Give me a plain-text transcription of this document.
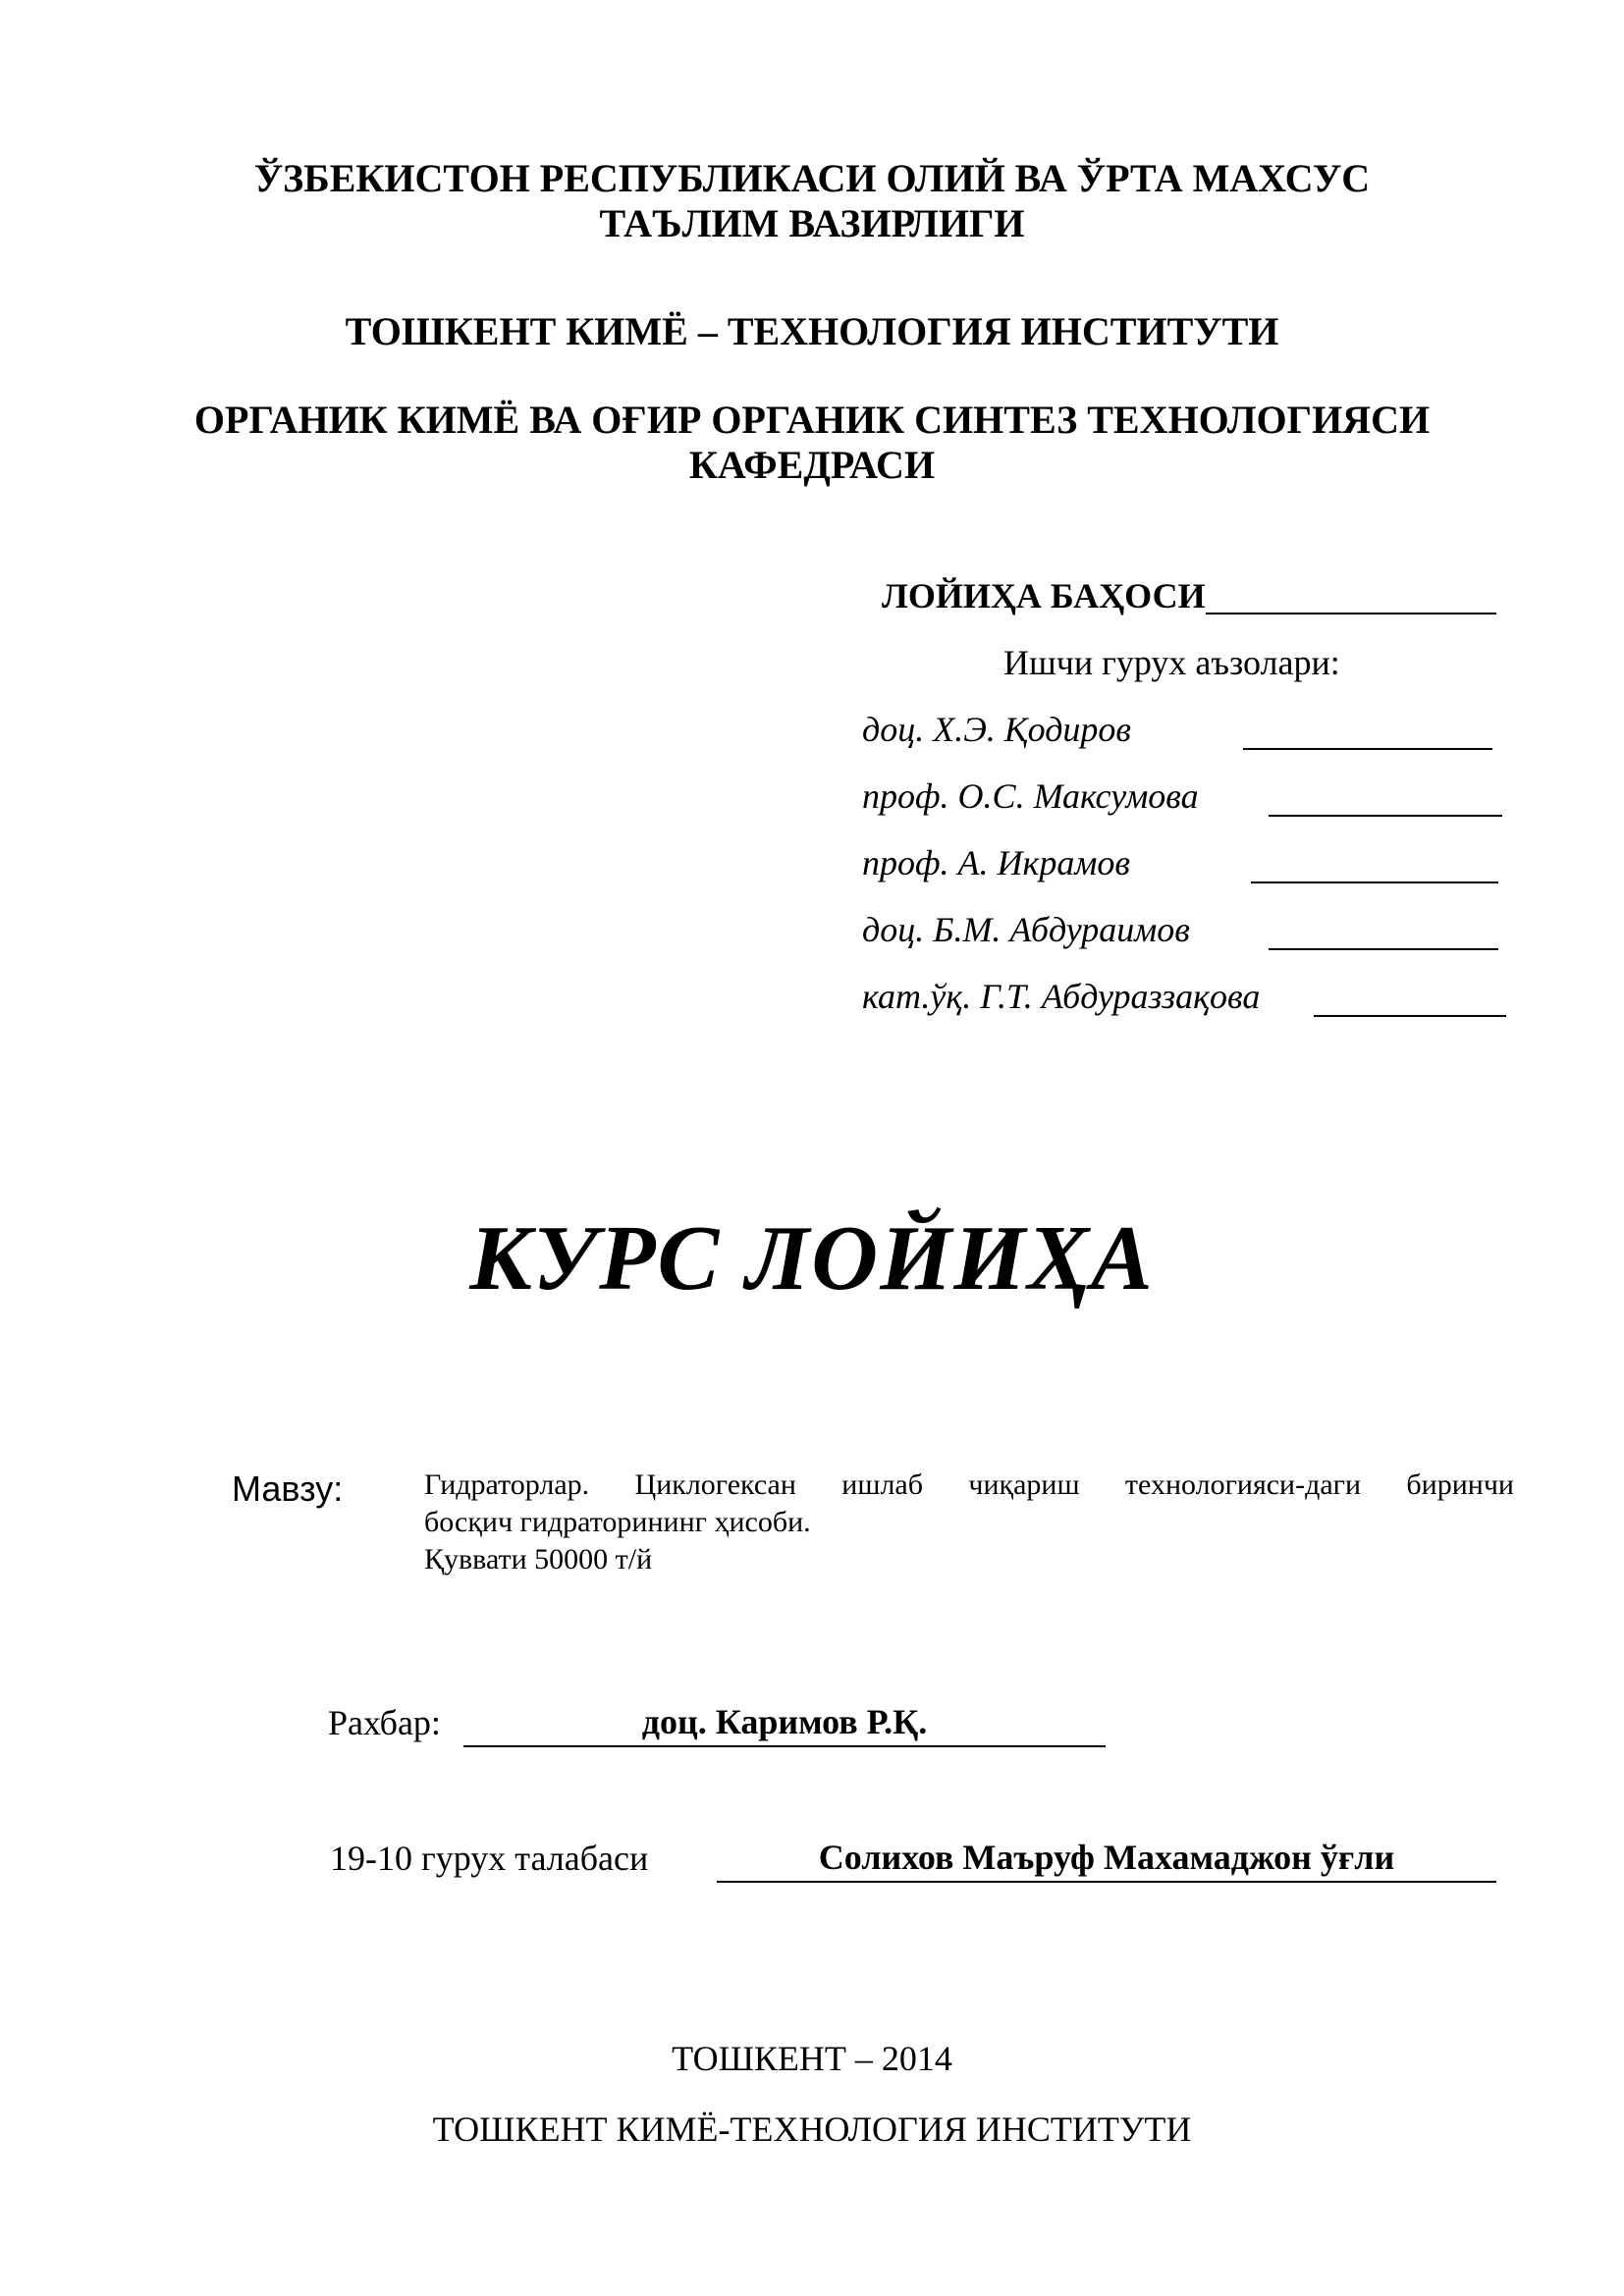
ЎЗБЕКИСТОН РЕСПУБЛИКАСИ ОЛИЙ ВА ЎРТА МАХСУС
ТАЪЛИМ ВАЗИРЛИГИ
ТОШКЕНТ КИМЁ – ТЕХНОЛОГИЯ ИНСТИТУТИ
ОРГАНИК КИМЁ ВА ОҒИР ОРГАНИК СИНТЕЗ ТЕХНОЛОГИЯСИ
КАФЕДРАСИ
ЛОЙИҲА БАҲОСИ
Ишчи гурух аъзолари:
доц. Х.Э. Қодиров
проф. О.С. Максумова
проф. А. Икрамов
доц. Б.М. Абдураимов
кат.ўқ. Г.Т. Абдураззақова
КУРС ЛОЙИҲА
Мавзу:	Гидраторлар. Циклогексан ишлаб чиқариш технологияси-даги биринчи

босқич гидраторининг ҳисоби.

Қуввати 50000 т/й

Рахбар:	доц. Каримов Р.Қ.
19-10 гурух талабаси	Солихов Маъруф Махамаджон ўғли
ТОШКЕНТ – 2014
ТОШКЕНТ КИМЁ-ТЕХНОЛОГИЯ ИНСТИТУТИ
